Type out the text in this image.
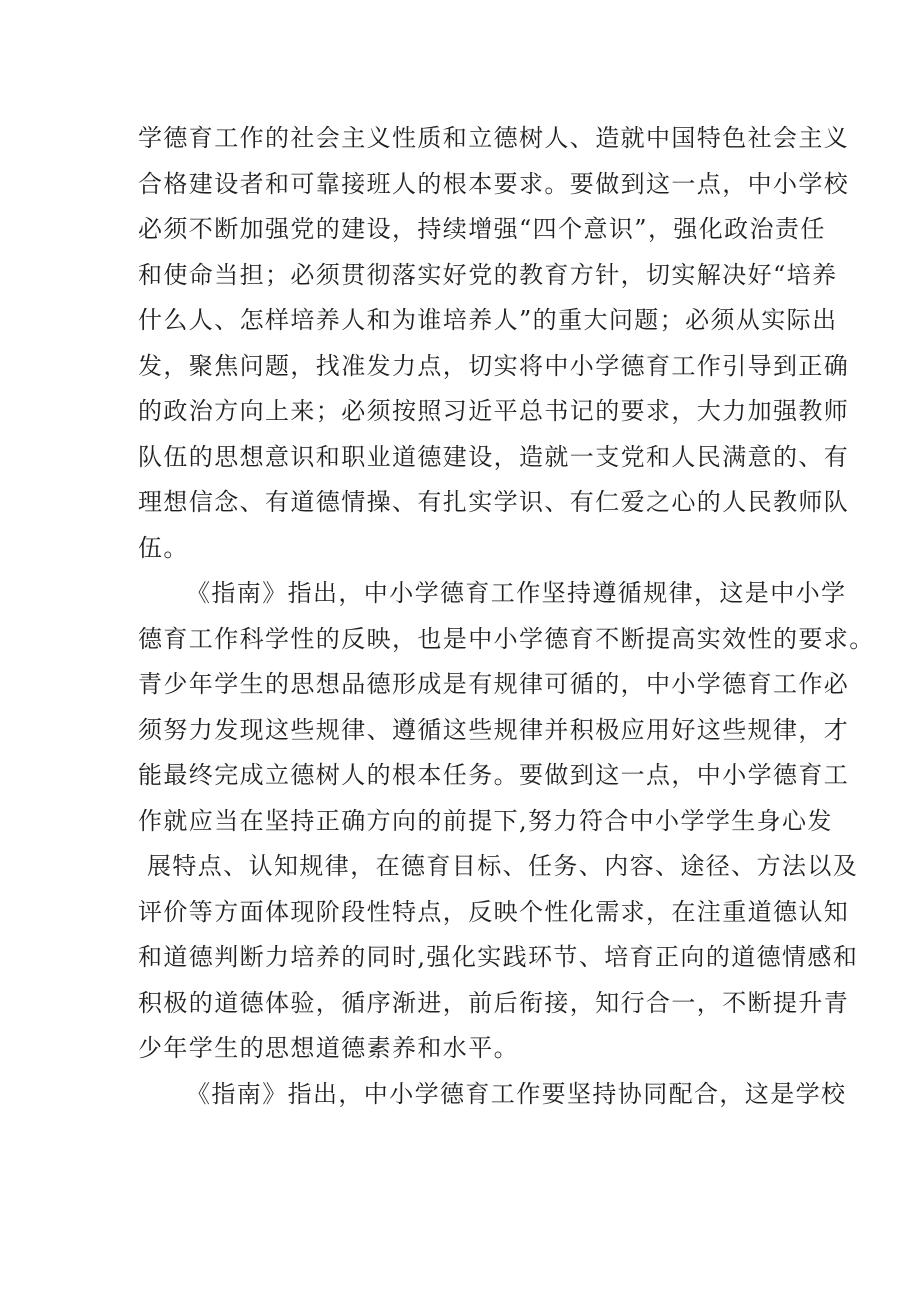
学德育工作的社会主义性质和立德树人、造就中国特色社会主义
合格建设者和可靠接班人的根本要求。要做到这一点，中小学校
必须不断加强党的建设，持续增强“四个意识”，强化政治责任
和使命当担；必须贯彻落实好党的教育方针，切实解决好“培养
什么人、怎样培养人和为谁培养人”的重大问题；必须从实际出
发，聚焦问题，找准发力点，切实将中小学德育工作引导到正确
的政治方向上来；必须按照习近平总书记的要求，大力加强教师
队伍的思想意识和职业道德建设，造就一支党和人民满意的、有
理想信念、有道德情操、有扎实学识、有仁爱之心的人民教师队
伍。
《指南》指出，中小学德育工作坚持遵循规律，这是中小学
德育工作科学性的反映，也是中小学德育不断提高实效性的要求。
青少年学生的思想品德形成是有规律可循的，中小学德育工作必
须努力发现这些规律、遵循这些规律并积极应用好这些规律，才
能最终完成立德树人的根本任务。要做到这一点，中小学德育工
作就应当在坚持正确方向的前提下,努力符合中小学学生身心发
展特点、认知规律，在德育目标、任务、内容、途径、方法以及
评价等方面体现阶段性特点，反映个性化需求，在注重道德认知
和道德判断力培养的同时,强化实践环节、培育正向的道德情感和
积极的道德体验，循序渐进，前后衔接，知行合一，不断提升青
少年学生的思想道德素养和水平。
《指南》指出，中小学德育工作要坚持协同配合，这是学校
